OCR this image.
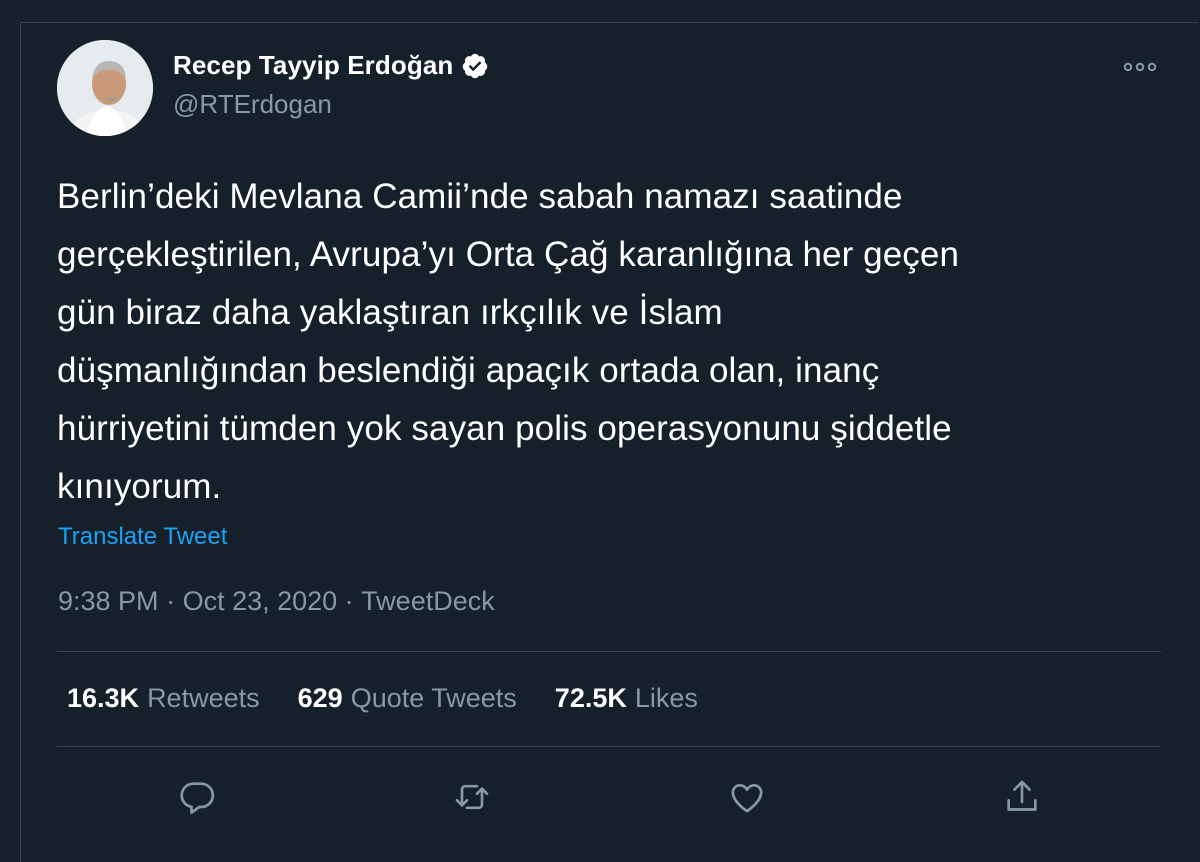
Recep Tayyip Erdoğan
@RTErdogan
Berlin’deki Mevlana Camii’nde sabah namazı saatinde
gerçekleştirilen, Avrupa’yı Orta Çağ karanlığına her geçen
gün biraz daha yaklaştıran ırkçılık ve İslam
düşmanlığından beslendiği apaçık ortada olan, inanç
hürriyetini tümden yok sayan polis operasyonunu şiddetle
kınıyorum.
Translate Tweet
9:38 PM · Oct 23, 2020 · TweetDeck
16.3K Retweets 629 Quote Tweets 72.5K Likes
